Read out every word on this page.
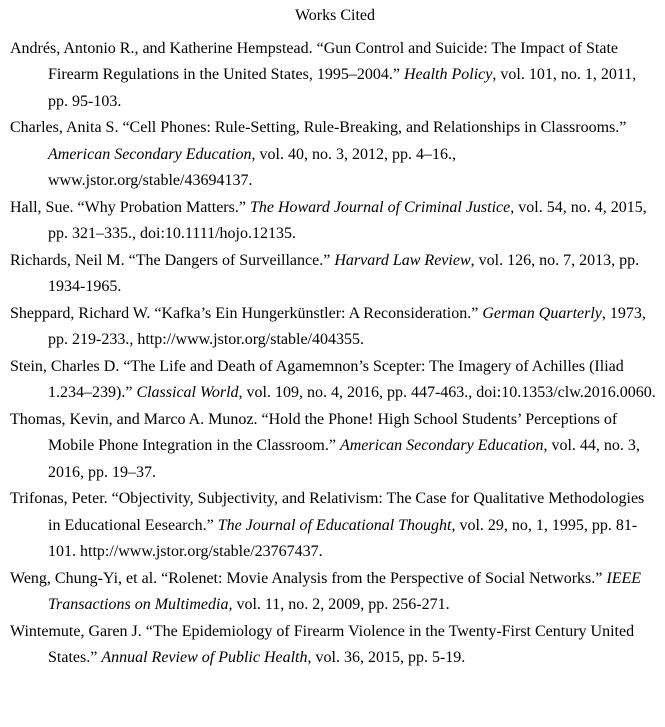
Works Cited

Andrés, Antonio R., and Katherine Hempstead. “Gun Control and Suicide: The Impact of State Firearm Regulations in the United States, 1995–2004.” Health Policy, vol. 101, no. 1, 2011, pp. 95-103.

Charles, Anita S. “Cell Phones: Rule-Setting, Rule-Breaking, and Relationships in Classrooms.” American Secondary Education, vol. 40, no. 3, 2012, pp. 4–16., www.jstor.org/stable/43694137.

Hall, Sue. “Why Probation Matters.” The Howard Journal of Criminal Justice, vol. 54, no. 4, 2015, pp. 321–335., doi:10.1111/hojo.12135.

Richards, Neil M. “The Dangers of Surveillance.” Harvard Law Review, vol. 126, no. 7, 2013, pp. 1934-1965.

Sheppard, Richard W. “Kafka’s Ein Hungerkünstler: A Reconsideration.” German Quarterly, 1973, pp. 219-233., http://www.jstor.org/stable/404355.

Stein, Charles D. “The Life and Death of Agamemnon’s Scepter: The Imagery of Achilles (Iliad 1.234–239).” Classical World, vol. 109, no. 4, 2016, pp. 447-463., doi:10.1353/clw.2016.0060.

Thomas, Kevin, and Marco A. Munoz. “Hold the Phone! High School Students’ Perceptions of Mobile Phone Integration in the Classroom.” American Secondary Education, vol. 44, no. 3, 2016, pp. 19–37.

Trifonas, Peter. “Objectivity, Subjectivity, and Relativism: The Case for Qualitative Methodologies in Educational Eesearch.” The Journal of Educational Thought, vol. 29, no, 1, 1995, pp. 81-101. http://www.jstor.org/stable/23767437.

Weng, Chung-Yi, et al. “Rolenet: Movie Analysis from the Perspective of Social Networks.” IEEE Transactions on Multimedia, vol. 11, no. 2, 2009, pp. 256-271.

Wintemute, Garen J. “The Epidemiology of Firearm Violence in the Twenty-First Century United States.” Annual Review of Public Health, vol. 36, 2015, pp. 5-19.
